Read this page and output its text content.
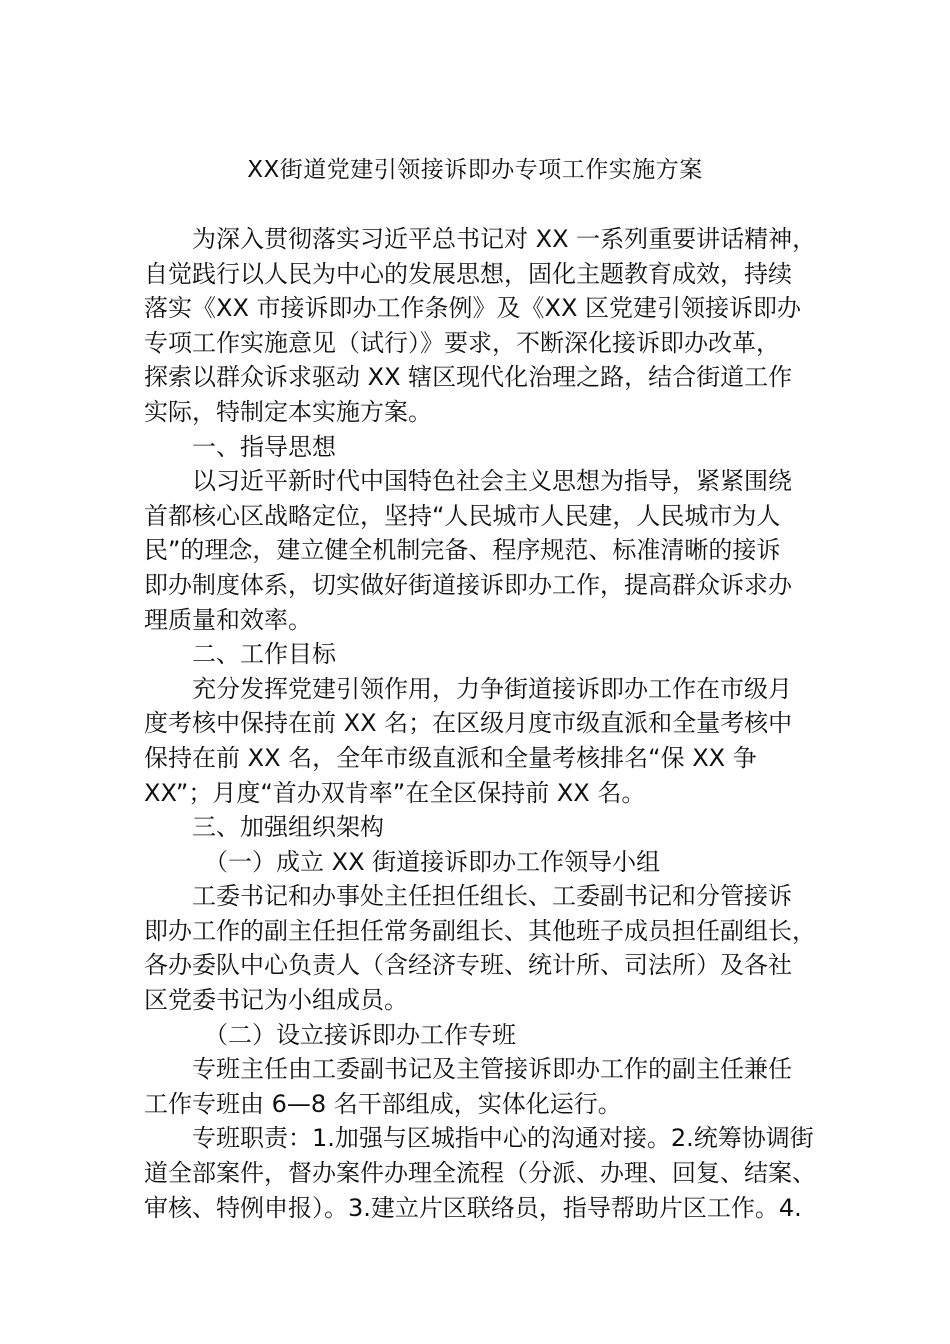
XX街道党建引领接诉即办专项工作实施方案
为深入贯彻落实习近平总书记对 XX 一系列重要讲话精神，
自觉践行以人民为中心的发展思想，固化主题教育成效，持续
落实《XX 市接诉即办工作条例》及《XX 区党建引领接诉即办
专项工作实施意见（试行）》要求，不断深化接诉即办改革，
探索以群众诉求驱动 XX 辖区现代化治理之路，结合街道工作
实际，特制定本实施方案。
一、指导思想
以习近平新时代中国特色社会主义思想为指导，紧紧围绕
首都核心区战略定位，坚持“人民城市人民建，人民城市为人
民”的理念，建立健全机制完备、程序规范、标准清晰的接诉
即办制度体系，切实做好街道接诉即办工作，提高群众诉求办
理质量和效率。
二、工作目标
充分发挥党建引领作用，力争街道接诉即办工作在市级月
度考核中保持在前 XX 名；在区级月度市级直派和全量考核中
保持在前 XX 名，全年市级直派和全量考核排名“保 XX 争
XX”；月度“首办双肯率”在全区保持前 XX 名。
三、加强组织架构
（一）成立 XX 街道接诉即办工作领导小组
工委书记和办事处主任担任组长、工委副书记和分管接诉
即办工作的副主任担任常务副组长、其他班子成员担任副组长，
各办委队中心负责人（含经济专班、统计所、司法所）及各社
区党委书记为小组成员。
（二）设立接诉即办工作专班
专班主任由工委副书记及主管接诉即办工作的副主任兼任
工作专班由 6—8 名干部组成，实体化运行。
专班职责：1.加强与区城指中心的沟通对接。2.统筹协调街
道全部案件，督办案件办理全流程（分派、办理、回复、结案、
审核、特例申报）。3.建立片区联络员，指导帮助片区工作。4.
